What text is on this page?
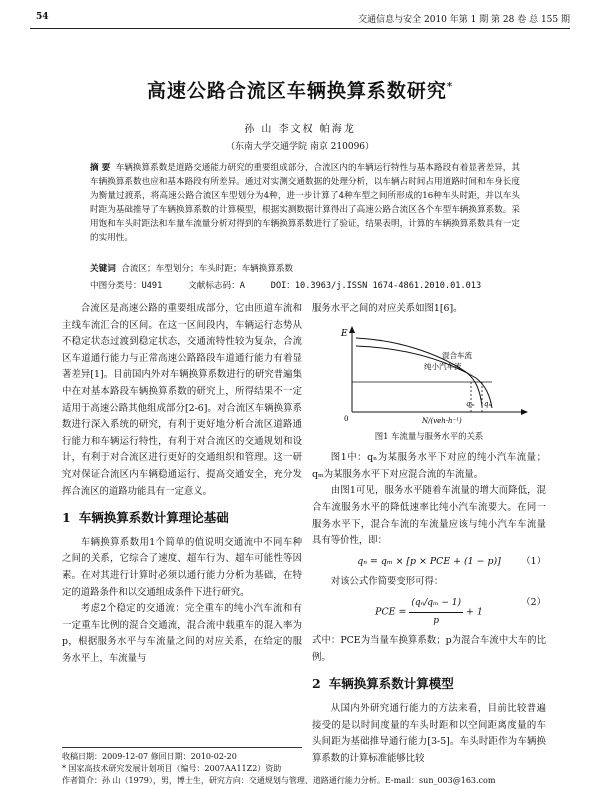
54	交通信息与安全 2010 年第 1 期 第 28 卷 总 155 期
高速公路合流区车辆换算系数研究*
孙 山 李文权 帕海龙
（东南大学交通学院 南京 210096）
摘 要 车辆换算系数是道路交通能力研究的重要组成部分，合流区内的车辆运行特性与基本路段有着显著差异，其车辆换算系数也应和基本路段有所差异。通过对实测交通数据的处理分析，以车辆占时间占用道路时间和车身长度为衡量过渡系，将高速公路合流区车型划分为4种，进一步计算了4种车型之间所形成的16种车头时距，并以车头时距为基础推导了车辆换算系数的计算模型，根据实测数据计算得出了高速公路合流区各个车型车辆换算系数。采用饱和车头时距法和车量车流量分析对得到的车辆换算系数进行了验证，结果表明，计算的车辆换算系数具有一定的实用性。
关键词 合流区；车型划分；车头时距；车辆换算系数
中图分类号：U491	文献标志码：A	DOI：10.3963/j.ISSN 1674-4861.2010.01.013

合流区是高速公路的重要组成部分，它由匝道车流和主线车流汇合的区间。在这一区间段内，车辆运行态势从不稳定状态过渡到稳定状态，交通流特性较为复杂，合流区车道通行能力与正常高速公路路段车道通行能力有着显著差异[1]。目前国内外对车辆换算系数进行的研究普遍集中在对基本路段车辆换算系数的研究上，所得结果不一定适用于高速公路其他组成部分[2-6]。对合流区车辆换算系数进行深入系统的研究，有利于更好地分析合流区道路通行能力和车辆运行特性，有利于对合流区的交通规划和设计，有利于对合流区进行更好的交通组织和管理。这一研究对保证合流区内车辆稳通运行、提高交通安全，充分发挥合流区的道路功能具有一定意义。

1 车辆换算系数计算理论基础

车辆换算系数用1个简单的值说明交通流中不同车种之间的关系，它综合了速度、超车行为、超车可能性等因素。在对其进行计算时必须以通行能力分析为基础，在特定的道路条件和以交通组成条件下进行研究。

考虑2个稳定的交通流：完全重车的纯小汽车流和有一定重车比例的混合交通流，混合流中载重车的混入率为p，根据服务水平与车流量之间的对应关系，在给定的服务水平上，车流量与

服务水平之间的对应关系如图1[6]。

E
混合车流
纯小汽车流
0	N/(veh·h⁻¹)
qₘ qₙ

图1 车流量与服务水平的关系

图1中：qₙ为某服务水平下对应的纯小汽车流量；qₘ为某服务水平下对应混合流的车流量。

由图1可见，服务水平随着车流量的增大而降低，混合车流服务水平的降低速率比纯小汽车流要大。在同一服务水平下，混合车流的车流量应该与纯小汽车车流量具有等价性，即：

qₙ = qₘ × [p × PCE + (1 − p)] （1）

对该公式作简要变形可得：

PCE = $\frac{\text{(qₙ/qₘ − 1)}}{p} + 1$
（2）

式中：PCE为当量车换算系数；p为混合车流中大车的比例。

2 车辆换算系数计算模型

从国内外研究通行能力的方法来看，目前比较普遍接受的是以时间度量的车头时距和以空间距离度量的车头间距为基础推导通行能力[3-5]。车头时距作为车辆换算系数的计算标准能够比较

收稿日期：2009-12-07 修回日期：2010-02-20
* 国家高技术研究发展计划项目（编号：2007AA11Z2）资助
作者简介：孙 山（1979），男，博士生，研究方向：交通规划与管理、道路通行能力分析。E-mail：sun_003@163.com
